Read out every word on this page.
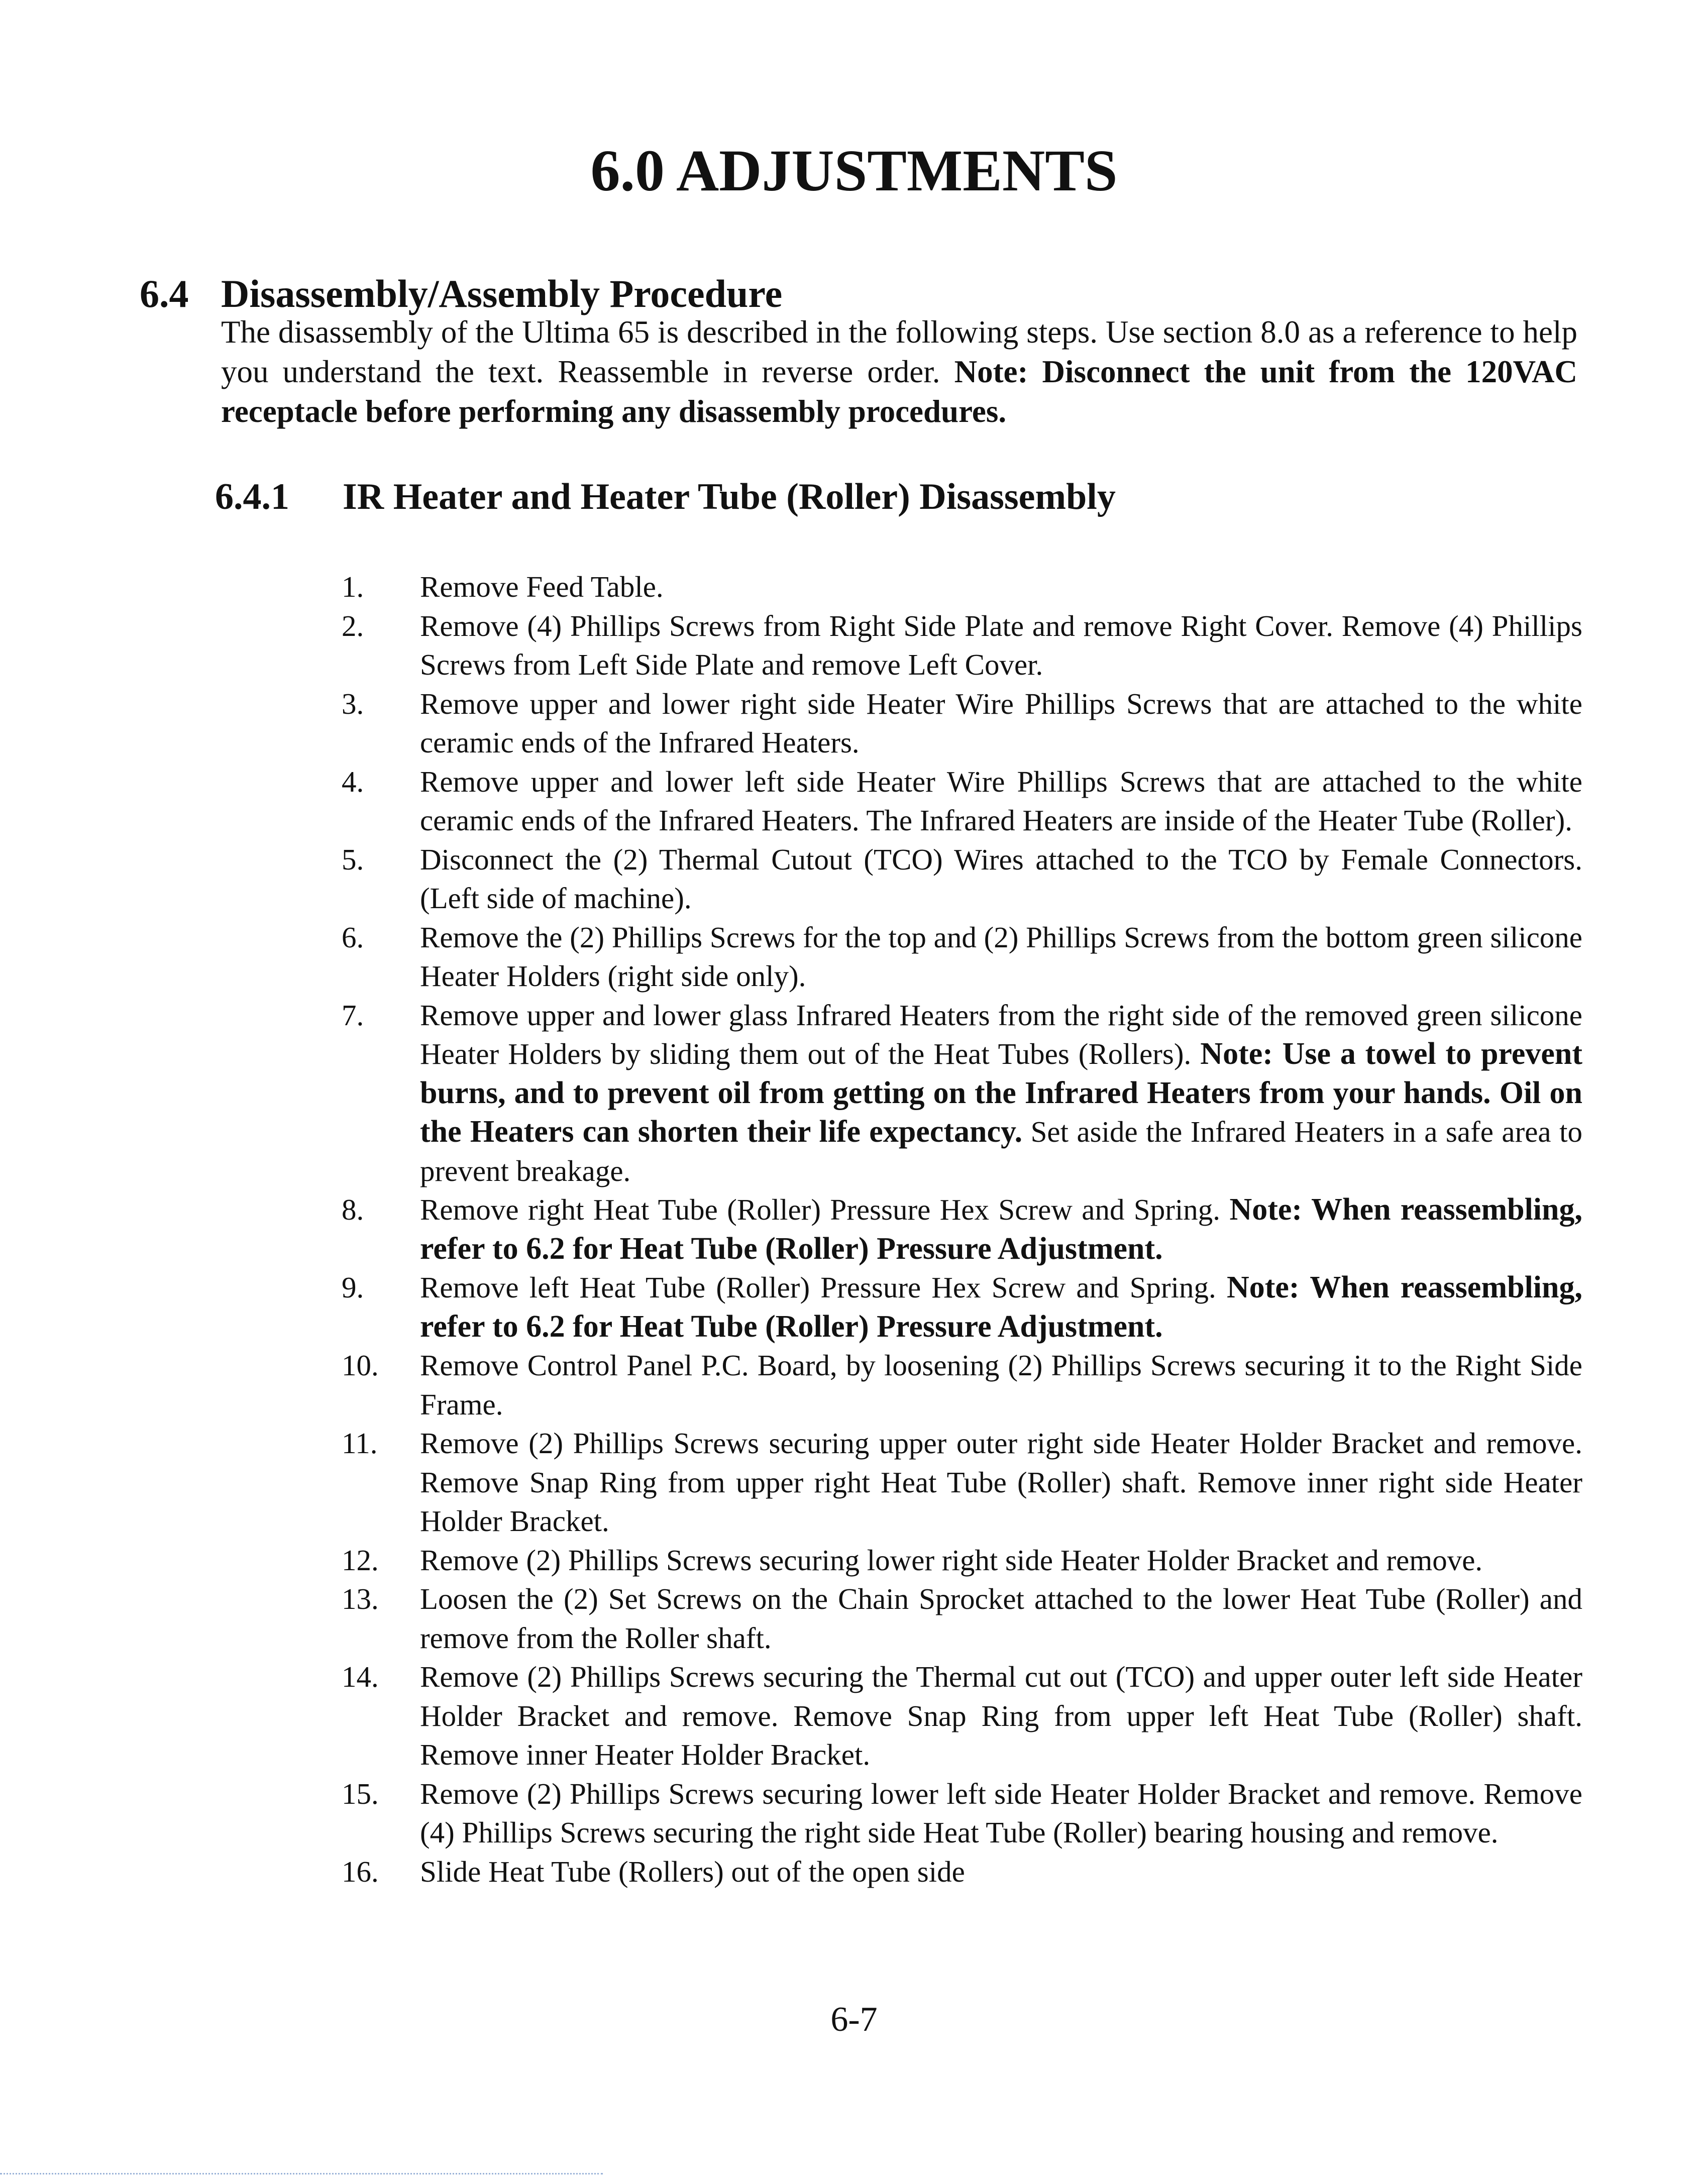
6.0 ADJUSTMENTS
6.4 Disassembly/Assembly Procedure

The disassembly of the Ultima 65 is described in the following steps. Use section 8.0 as a reference to help you understand the text. Reassemble in reverse order. Note: Disconnect the unit from the 120VAC receptacle before performing any disassembly procedures.

6.4.1 IR Heater and Heater Tube (Roller) Disassembly
1.	Remove Feed Table.
2.	Remove (4) Phillips Screws from Right Side Plate and remove Right Cover. Remove (4) Phillips Screws from Left Side Plate and remove Left Cover.
3.	Remove upper and lower right side Heater Wire Phillips Screws that are attached to the white ceramic ends of the Infrared Heaters.
4.	Remove upper and lower left side Heater Wire Phillips Screws that are attached to the white ceramic ends of the Infrared Heaters. The Infrared Heaters are inside of the Heater Tube (Roller).
5.	Disconnect the (2) Thermal Cutout (TCO) Wires attached to the TCO by Female Connectors. (Left side of machine).
6.	Remove the (2) Phillips Screws for the top and (2) Phillips Screws from the bottom green silicone Heater Holders (right side only).
7.	Remove upper and lower glass Infrared Heaters from the right side of the removed green silicone Heater Holders by sliding them out of the Heat Tubes (Rollers). Note: Use a towel to prevent burns, and to prevent oil from getting on the Infrared Heaters from your hands. Oil on the Heaters can shorten their life expectancy. Set aside the Infrared Heaters in a safe area to prevent breakage.
8.	Remove right Heat Tube (Roller) Pressure Hex Screw and Spring. Note: When reassembling, refer to 6.2 for Heat Tube (Roller) Pressure Adjustment.
9.	Remove left Heat Tube (Roller) Pressure Hex Screw and Spring. Note: When reassembling, refer to 6.2 for Heat Tube (Roller) Pressure Adjustment.
10.	Remove Control Panel P.C. Board, by loosening (2) Phillips Screws securing it to the Right Side Frame.
11.	Remove (2) Phillips Screws securing upper outer right side Heater Holder Bracket and remove. Remove Snap Ring from upper right Heat Tube (Roller) shaft. Remove inner right side Heater Holder Bracket.
12.	Remove (2) Phillips Screws securing lower right side Heater Holder Bracket and remove.
13.	Loosen the (2) Set Screws on the Chain Sprocket attached to the lower Heat Tube (Roller) and remove from the Roller shaft.
14.	Remove (2) Phillips Screws securing the Thermal cut out (TCO) and upper outer left side Heater Holder Bracket and remove. Remove Snap Ring from upper left Heat Tube (Roller) shaft. Remove inner Heater Holder Bracket.
15.	Remove (2) Phillips Screws securing lower left side Heater Holder Bracket and remove. Remove (4) Phillips Screws securing the right side Heat Tube (Roller) bearing housing and remove.
16.	Slide Heat Tube (Rollers) out of the open side
6-7
